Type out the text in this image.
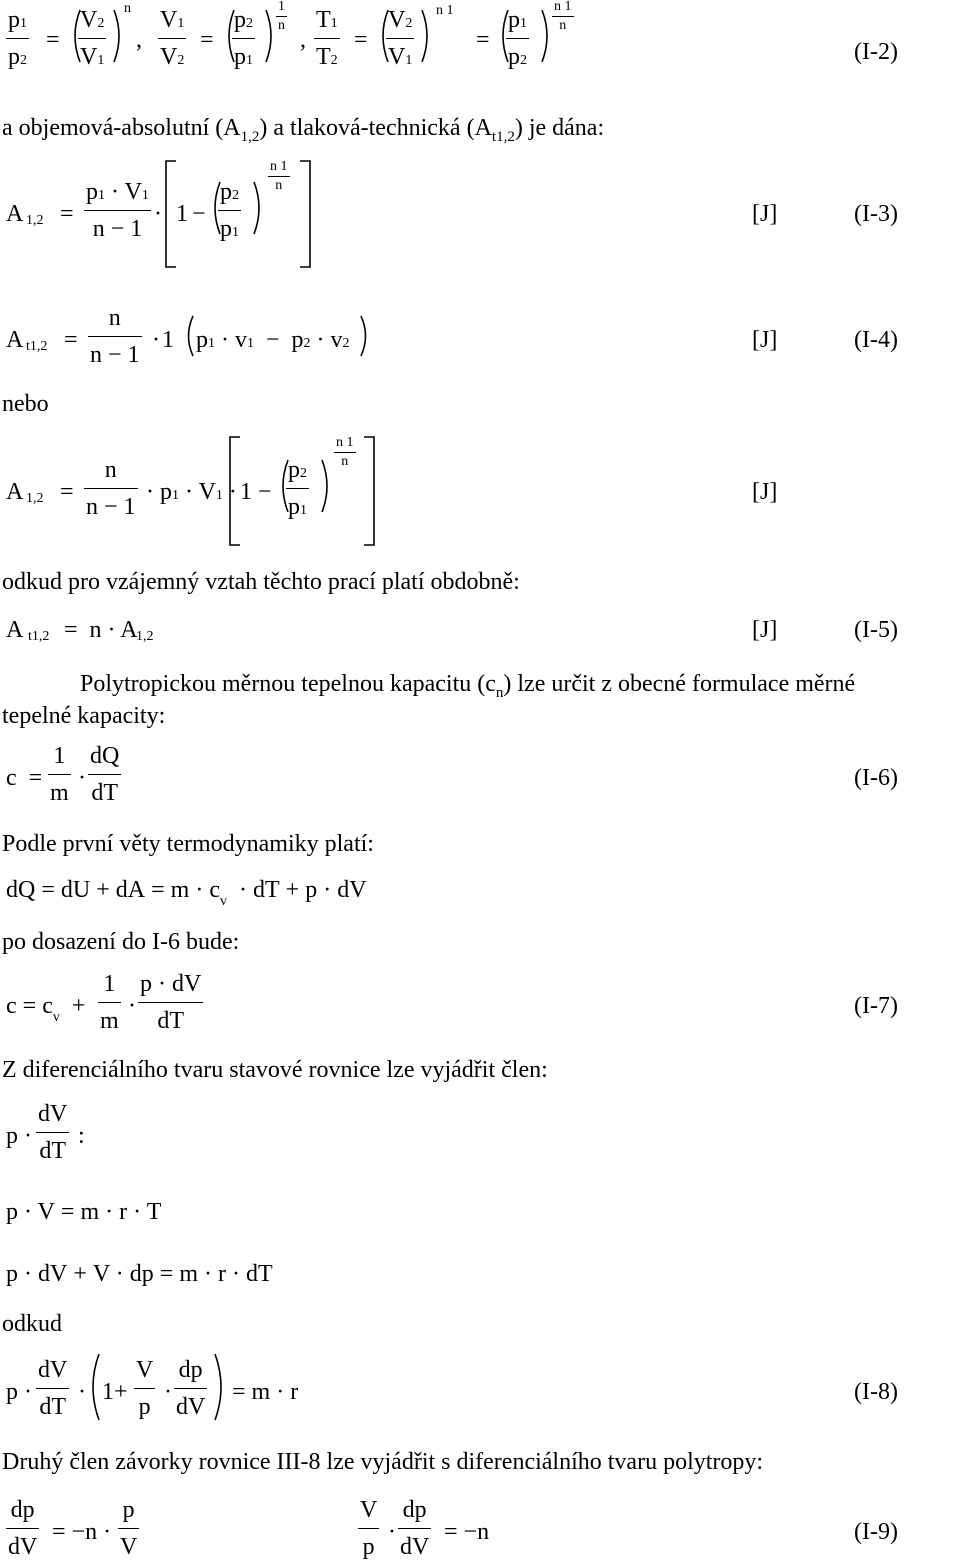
p1
p2
=
V2
V1
n
,
V1
V2
=
p2
p1
1
n
,
T1
T2
=
V2
V1
n 1
=
p1
p2
n 1
n
(I-2)
a objemová-absolutní $(A_{1,2})$ a tlaková-technická $(A_{t1,2})$ je dána:
A 1,2 =
p1 · V1
n − 1
· 1 −
p2
p1
n 1
n
[J]	(I-3)
A t1,2 =
n
n − 1
· 1 p1 · v1 − p2 · v2	[J]	(I-4)
nebo
A 1,2 =
n
n − 1
· p1 · V1 · 1 −
p2
p1
n 1
n
[J]
odkud pro vzájemný vztah těchto prací platí obdobně:
A t1,2 = n · A
1,2	[J]	(I-5)
Polytropickou měrnou tepelnou kapacitu $(c_n)$ lze určit z obecné formulace měrné
tepelné kapacity:
c =
1
m
·
dQ
dT
(I-6)
Podle první věty termodynamiky platí:
dQ = dU + dA = $m \cdot c_v$ · dT + p · dV
po dosazení do I-6 bude:
$c = c_v$ +
1
m
·
p · dV
dT
(I-7)
Z diferenciálního tvaru stavové rovnice lze vyjádřit člen:
p ·
dV
dT
:
p · V = m · r · T
p · dV + V · dp = m · r · dT
odkud
p ·
dV
dT
· 1+
V
p
·
dp
dV
= m · r	(I-8)
Druhý člen závorky rovnice III-8 lze vyjádřit s diferenciálního tvaru polytropy:
dp
dV
= −n ·
p
V
V
p
·
dp
dV
= −n	(I-9)
